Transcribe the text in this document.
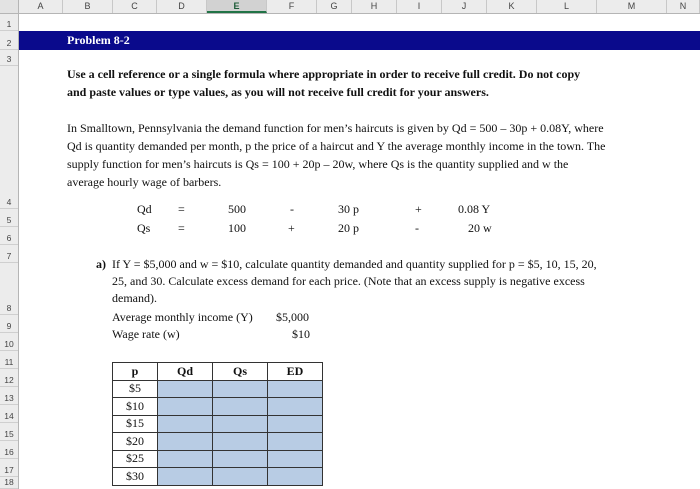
A	B	C	D	E	F	G	H	I	J	K	L	M	N
1
2
3
4
5
6
7
8
9
10
11
12
13
14
15
16
17
18
Problem 8-2
Use a cell reference or a single formula where appropriate in order to receive full credit. Do not copy
and paste values or type values, as you will not receive full credit for your answers.
In Smalltown, Pennsylvania the demand function for men’s haircuts is given by Qd = 500 – 30p + 0.08Y, where
Qd is quantity demanded per month, p the price of a haircut and Y the average monthly income in the town. The
supply function for men’s haircuts is Qs = 100 + 20p – 20w, where Qs is the quantity supplied and w the
average hourly wage of barbers.
Qd =	500	-	30 p	+	0.08 Y
Qs =	100	+	20 p	-	20 w
a) If Y = $5,000 and w = $10, calculate quantity demanded and quantity supplied for p = $5, 10, 15, 20,
25, and 30. Calculate excess demand for each price. (Note that an excess supply is negative excess
demand).
Average monthly income (Y) $5,000
Wage rate (w)	$10
p	Qd	Qs	ED
$5			
$10			
$15			
$20			
$25			
$30			
